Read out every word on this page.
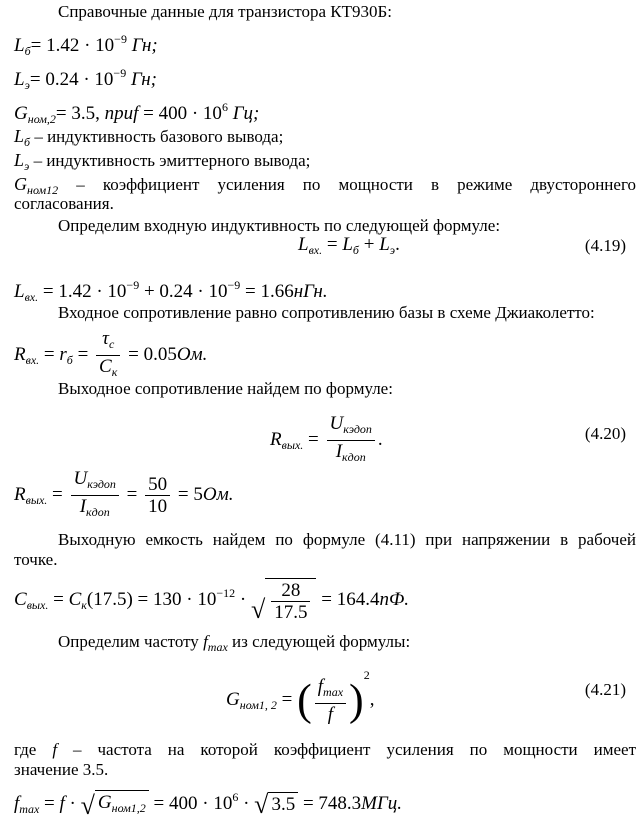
Справочные данные для транзистора КТ930Б:
$L_б= 1.42 \cdot 10^{-9}$ Гн;
$L_э= 0.24 \cdot 10^{-9}$ Гн;
$G_{ном,2}= 3.5$, npuf = $400 \cdot 10^6$ Гц;
$L_б$ – индуктивность базового вывода;
$L_э$ – индуктивность эмиттерного вывода;
$G_{ном12}$ – коэффициент усиления по мощности в режиме двустороннего
согласования.
Определим входную индуктивность по следующей формуле:
$L_{вх.} = L_б + L_э$.	(4.19)
$L_{вх.} = 1.42 \cdot 10^{-9} + 0.24 \cdot 10^{-9} = 1.66нГн$.
Входное сопротивление равно сопротивлению базы в схеме Джиаколетто:
$R_{вх.} = r_б = \frac{\tau_с}{C_к} = 0.05Ом$.
Выходное сопротивление найдем по формуле:
$R_{вых.} = \frac{U_{кэдоп}}{I_{кдоп}}$ .	(4.20)
$R_{вых.} = \frac{U_{кэдоп}}{I_{кдоп}} = \frac{50}{10} = 5Ом$.
Выходную емкость найдем по формуле (4.11) при напряжении в рабочей
точке.
$C_{вых.} = C_к(17.5) = 130 \cdot 10^{-12}$ · √ $\frac{28}{17.5} = 164.4пФ$.
Определим частоту $f_{mах}$ из следующей формулы:
$G_{ном1, 2}$ = ( $\frac{f_{max}}{f} )^2$,	(4.21)
где f – частота на которой коэффициент усиления по мощности имеет
значение 3.5.
$f_{max} = f$ · √ $G_{ном1,2} = 400 \cdot 10^6$ · √ 3.5 = 748.3МГц.
